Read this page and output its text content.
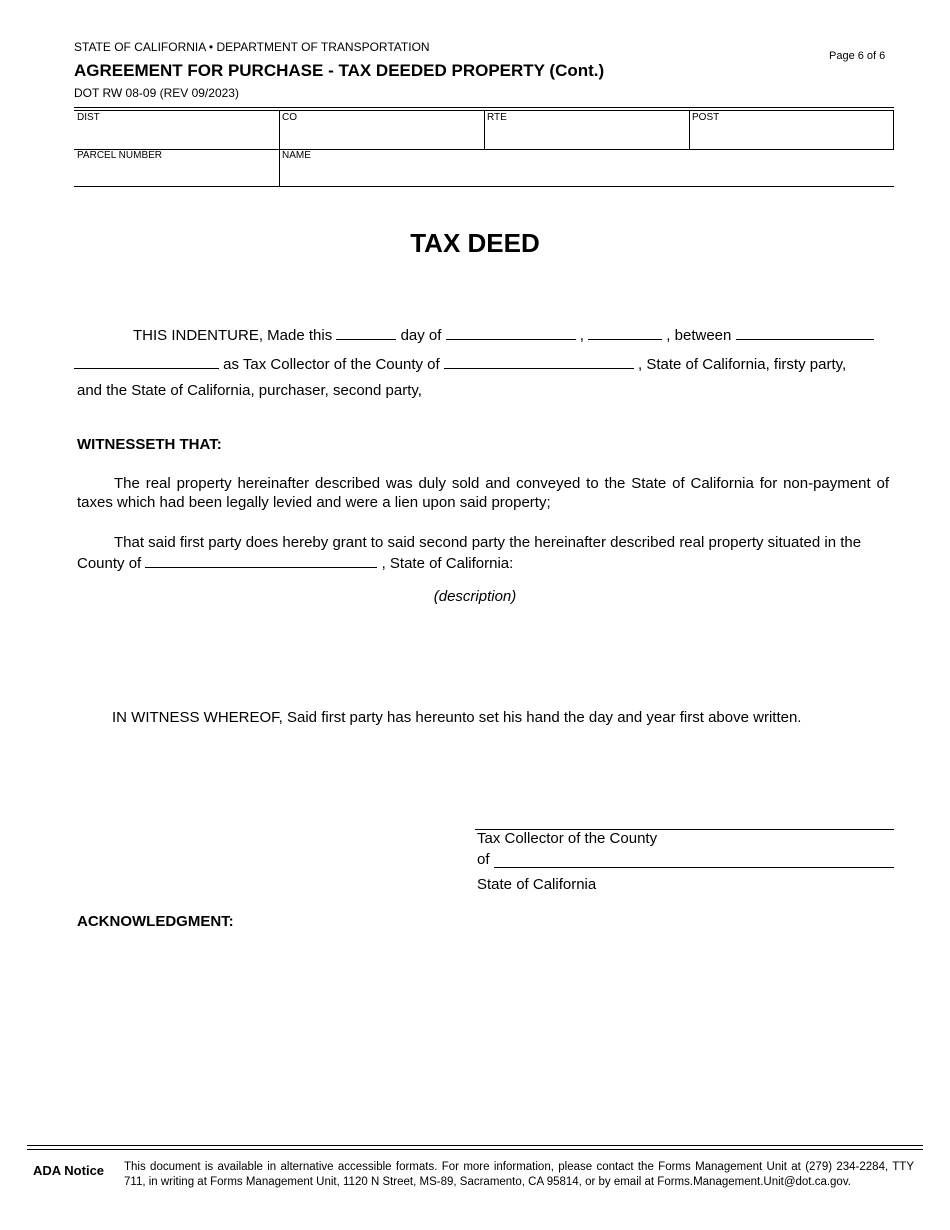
STATE OF CALIFORNIA • DEPARTMENT OF TRANSPORTATION
AGREEMENT FOR PURCHASE - TAX DEEDED PROPERTY (Cont.)
DOT RW 08-09 (REV 09/2023)
Page 6 of 6
DIST	CO	RTE	POST
PARCEL NUMBER	NAME
TAX DEED
THIS INDENTURE, Made this	day of	,	, between
as Tax Collector of the County of	, State of California, firsty party,
and the State of California, purchaser, second party,
WITNESSETH THAT:
The real property hereinafter described was duly sold and conveyed to the State of California for non-payment of taxes which had been legally levied and were a lien upon said property;
That said first party does hereby grant to said second party the hereinafter described real property situated in the
County of	, State of California:
(description)
IN WITNESS WHEREOF, Said first party has hereunto set his hand the day and year first above written.
Tax Collector of the County
of
State of California
ACKNOWLEDGMENT:
ADA Notice This document is available in alternative accessible formats. For more information, please contact the Forms Management Unit at (279) 234-2284, TTY 711, in writing at Forms Management Unit, 1120 N Street, MS-89, Sacramento, CA 95814, or by email at Forms.Management.Unit@dot.ca.gov.
